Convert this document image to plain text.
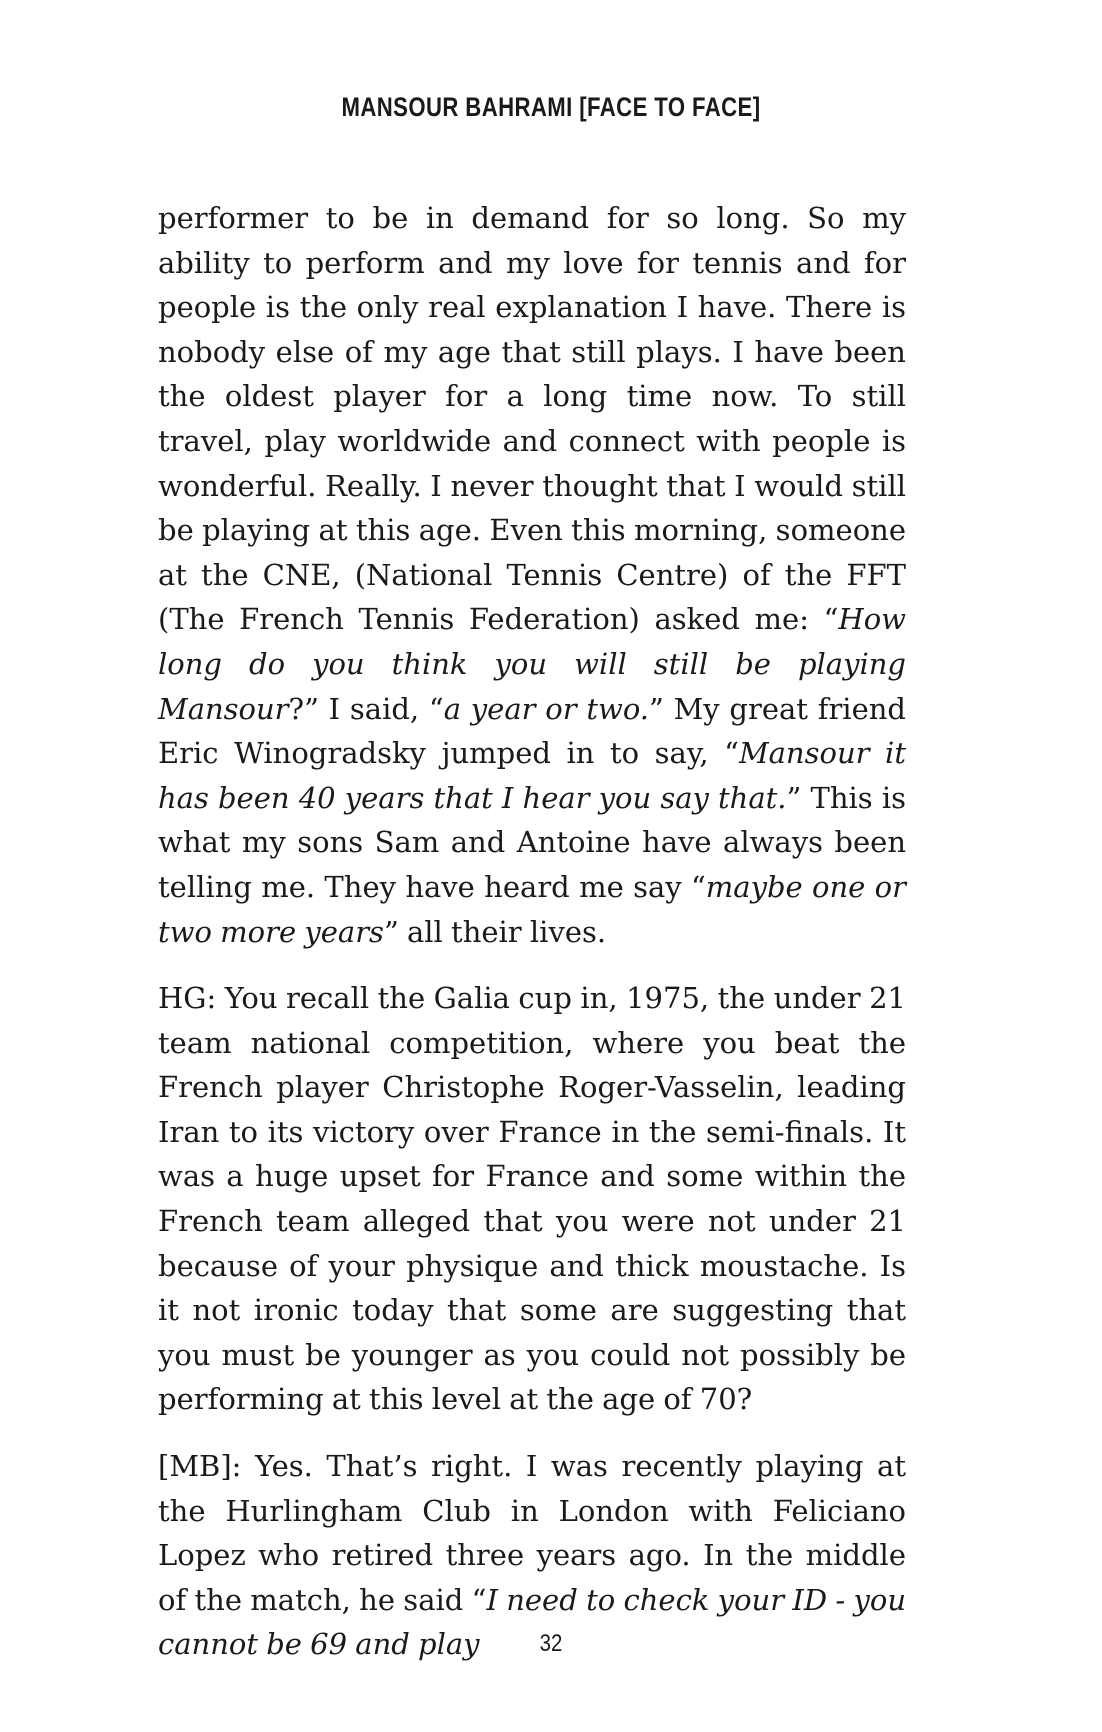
MANSOUR BAHRAMI [FACE TO FACE]

performer to be in demand for so long. So my ability to perform and my love for tennis and for people is the only real explanation I have. There is nobody else of my age that still plays. I have been the oldest player for a long time now. To still travel, play worldwide and connect with people is wonderful. Really. I never thought that I would still be playing at this age. Even this morning, someone at the CNE, (National Tennis Centre) of the FFT (The French Tennis Federation) asked me: “How long do you think you will still be playing Mansour?” I said, “a year or two.” My great friend Eric Winogradsky jumped in to say, “Mansour it has been 40 years that I hear you say that.” This is what my sons Sam and Antoine have always been telling me. They have heard me say “maybe one or two more years” all their lives.

HG: You recall the Galia cup in, 1975, the under 21 team national competition, where you beat the French player Christophe Roger-Vasselin, leading Iran to its victory over France in the semi-finals. It was a huge upset for France and some within the French team alleged that you were not under 21 because of your physique and thick moustache. Is it not ironic today that some are suggesting that you must be younger as you could not possibly be performing at this level at the age of 70?

[MB]: Yes. That’s right. I was recently playing at the Hurlingham Club in London with Feliciano Lopez who retired three years ago. In the middle of the match, he said “I need to check your ID - you cannot be 69 and play	32
